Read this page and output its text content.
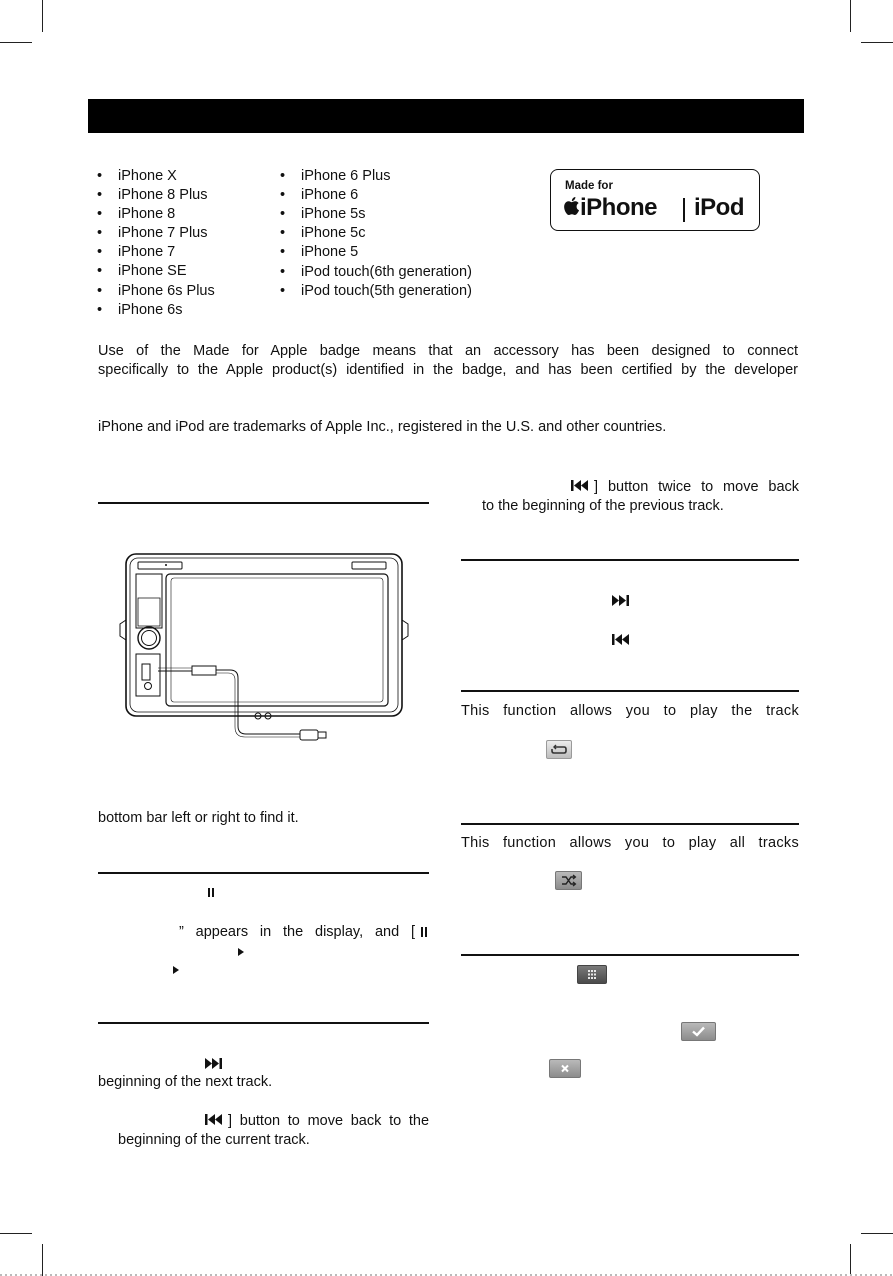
• iPhone X
• iPhone 8 Plus
• iPhone 8
• iPhone 7 Plus
• iPhone 7
• iPhone SE
• iPhone 6s Plus
• iPhone 6s
• iPhone 6 Plus
• iPhone 6
• iPhone 5s
• iPhone 5c
• iPhone 5
• iPod touch(6th generation)
• iPod touch(5th generation)
Made for
iPhone iPod
Use of the Made for Apple badge means that an accessory has been designed to connect
specifically to the Apple product(s) identified in the badge, and has been certified by the developer
iPhone and iPod are trademarks of Apple Inc., registered in the U.S. and other countries.
bottom bar left or right to find it.
” appears in the display, and [
beginning of the next track.
] button to move back to the
beginning of the current track.
] button twice to move back
to the beginning of the previous track.
This function allows you to play the track
This function allows you to play all tracks
